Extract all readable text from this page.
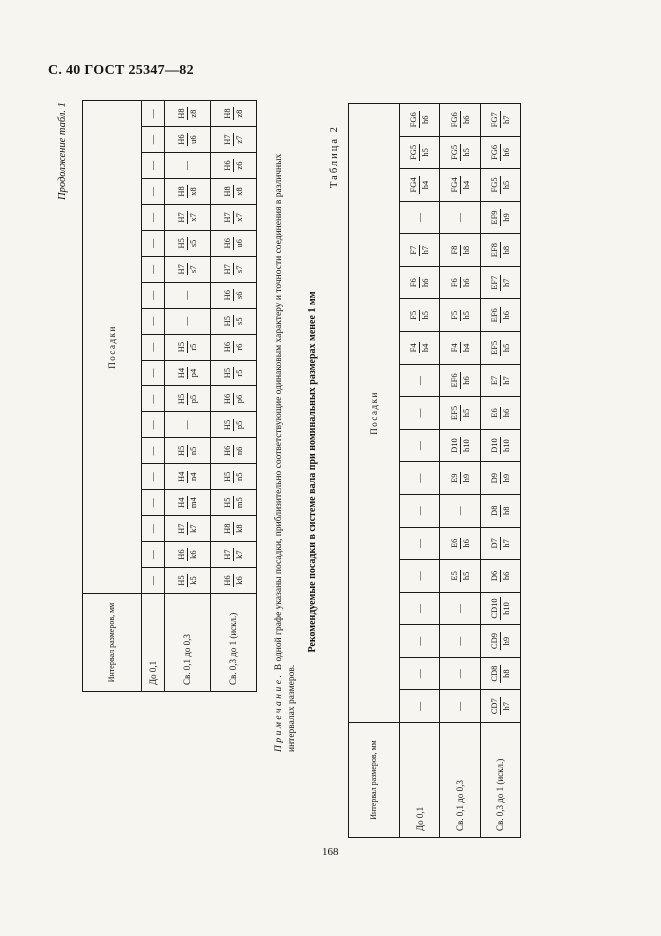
С. 40 ГОСТ 25347—82
Продолжение табл. 1
Интервал размеров, мм	Посадки																		
До 0,1	—	—	—	—	—	—	—	—	—	—	—	—	—	—	—	—	—	—	—
Св. 0,1 до 0,3	H5 k5	H6 k6	H7 k7	H4 m4	H4 n4	H5 n5	—	H5 p5	H4 p4	H5 r5	—	—	H7 s7	H5 s5	H7 x7	H8 x8	—	H6 u6	H8 z8

Св. 0,3 до 1 (искл.)	H6 k6	H7 k7	H8 k8	H5 m5	H5 n5	H6 n6	H5 p5	H6 p6	H5 r5	H6 r6	H5 s5	H6 s6	H7 s7	H6 u6	H7 x7	H8 x8	H6 z6	H7 z7	H8 z8
Примечание. В одной графе указаны посадки, приблизительно соответствующие одинаковым характеру и точности соединения в различных интервалах размеров.
Рекомендуемые посадки в системе вала при номинальных размерах менее 1 мм
Таблица 2
Интервал размеров, мм	Посадки																		
До 0,1	—	—	—	—	—	—	—	—	—	—	—	F4 h4	F5 h5	F6 h6	F7 h7	—	FG4 h4	FG5 h5	FG6 h6

Св. 0,1 до 0,3	—	—	—	—	E5 h5	E6 h6	—	E9 h9	D10 h10	EF5 h5	EF6 h6	F4 h4	F5 h5	F6 h6	F8 h8	—	FG4 h4	FG5 h5	FG6 h6

Св. 0,3 до 1 (искл.)	CD7 h7	CD8 h8	CD9 h9	CD10 h10	D6 h6	D7 h7	D8 h8	D9 h9	D10 h10	E6 h6	E7 h7	EF5 h5	EF6 h6	EF7 h7	EF8 h8	EF9 h9	FG5 h5	FG6 h6	FG7 h7
168
